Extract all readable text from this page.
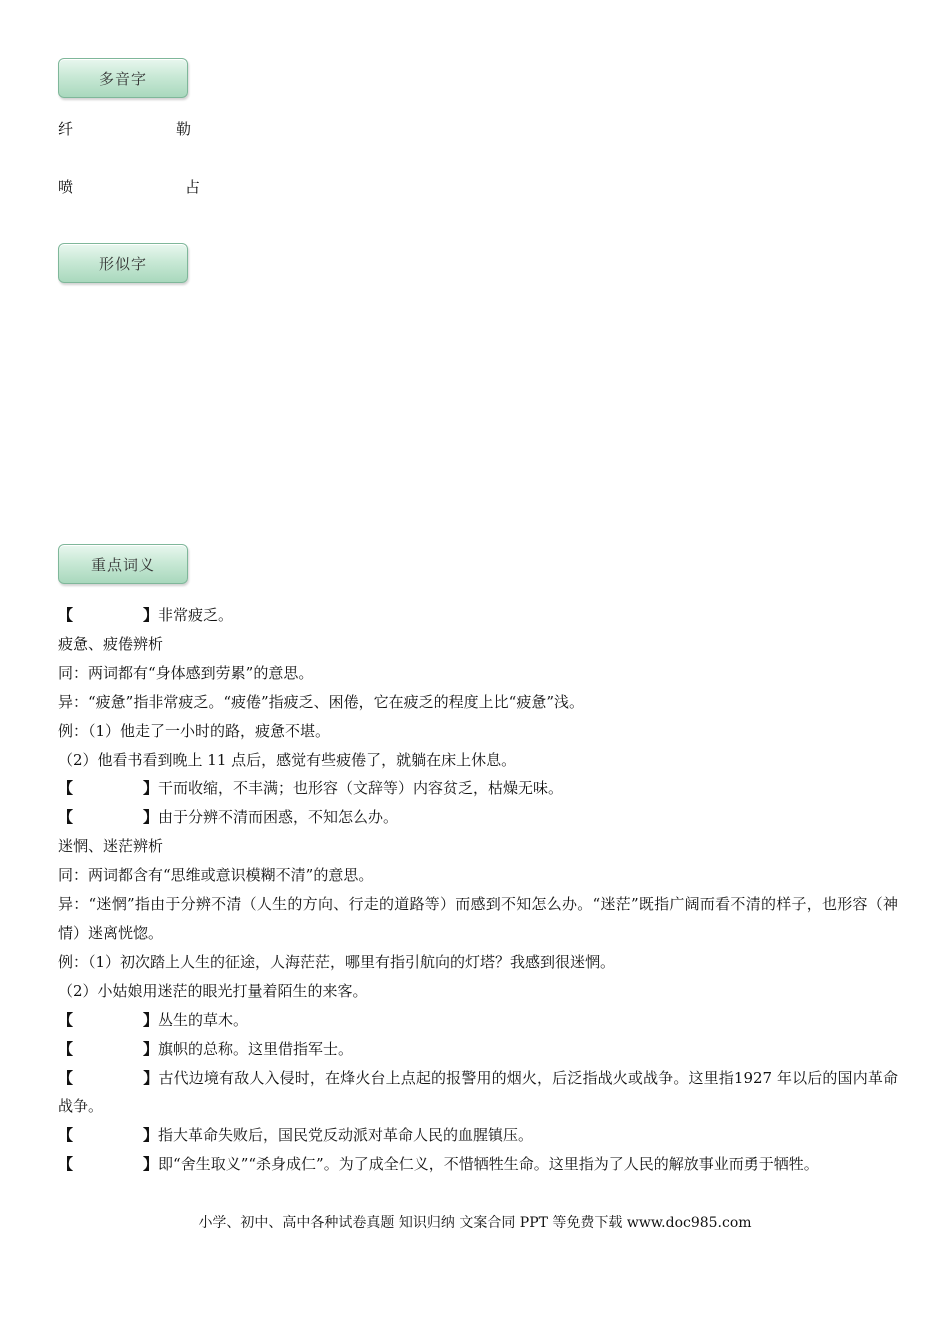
多音字
纤	勒
喷	占
形似字
重点词义

【	】非常疲乏。

疲惫、疲倦辨析

同：两词都有“身体感到劳累”的意思。

异：“疲惫”指非常疲乏。“疲倦”指疲乏、困倦，它在疲乏的程度上比“疲惫”浅。

例：（1）他走了一小时的路，疲惫不堪。

（2）他看书看到晚上 11 点后，感觉有些疲倦了，就躺在床上休息。

【	】干而收缩，不丰满；也形容（文辞等）内容贫乏，枯燥无味。

【	】由于分辨不清而困惑，不知怎么办。

迷惘、迷茫辨析

同：两词都含有“思维或意识模糊不清”的意思。

异：“迷惘”指由于分辨不清（人生的方向、行走的道路等）而感到不知怎么办。“迷茫”既指广阔而看不清的样子，也形容（神情）迷离恍惚。

例：（1）初次踏上人生的征途，人海茫茫，哪里有指引航向的灯塔？我感到很迷惘。

（2）小姑娘用迷茫的眼光打量着陌生的来客。

【	】丛生的草木。

【	】旗帜的总称。这里借指军士。

【	】古代边境有敌人入侵时，在烽火台上点起的报警用的烟火，后泛指战火或战争。这里指1927 年以后的国内革命战争。

【	】指大革命失败后，国民党反动派对革命人民的血腥镇压。

【	】即“舍生取义”“杀身成仁”。为了成全仁义，不惜牺牲生命。这里指为了人民的解放事业而勇于牺牲。

小学、初中、高中各种试卷真题 知识归纳 文案合同 PPT 等免费下载 www.doc985.com
